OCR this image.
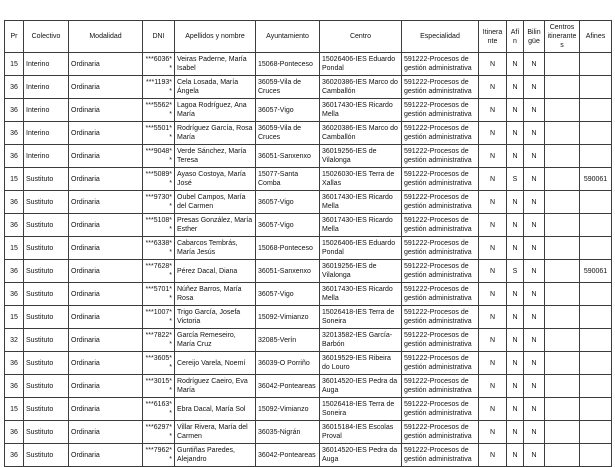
Pr	Colectivo	Modalidad	DNI	Apellidos y nombre	Ayuntamiento	Centro	Especialidad	Itinerante	Afín	Bilingüe	Centros itinerantes	Afines
15	Interino	Ordinaria	***6036**	Veiras Paderne, María Isabel	15068-Ponteceso	15026406-IES Eduardo Pondal	591222-Procesos de gestión administrativa	N	N	N		
36	Interino	Ordinaria	***1193**	Cela Losada, María Ángela	36059-Vila de Cruces	36020386-IES Marco do Camballón	591222-Procesos de gestión administrativa	N	N	N		
36	Interino	Ordinaria	***5562**	Lagoa Rodríguez, Ana María	36057-Vigo	36017430-IES Ricardo Mella	591222-Procesos de gestión administrativa	N	N	N		
36	Interino	Ordinaria	***5501**	Rodríguez García, Rosa María	36059-Vila de Cruces	36020386-IES Marco do Camballón	591222-Procesos de gestión administrativa	N	N	N		
36	Interino	Ordinaria	***9048**	Verde Sánchez, María Teresa	36051-Sanxenxo	36019256-IES de Vilalonga	591222-Procesos de gestión administrativa	N	N	N		
15	Sustituto	Ordinaria	***5089**	Ayaso Costoya, María José	15077-Santa Comba	15026030-IES Terra de Xallas	591222-Procesos de gestión administrativa	N	S	N		590061
36	Sustituto	Ordinaria	***9730**	Oubel Campos, María del Carmen	36057-Vigo	36017430-IES Ricardo Mella	591222-Procesos de gestión administrativa	N	N	N		
36	Sustituto	Ordinaria	***5108**	Presas González, María Esther	36057-Vigo	36017430-IES Ricardo Mella	591222-Procesos de gestión administrativa	N	N	N		
15	Sustituto	Ordinaria	***6338**	Cabarcos Tembrás, María Jesús	15068-Ponteceso	15026406-IES Eduardo Pondal	591222-Procesos de gestión administrativa	N	N	N		
36	Sustituto	Ordinaria	***7628**	Pérez Dacal, Diana	36051-Sanxenxo	36019256-IES de Vilalonga	591222-Procesos de gestión administrativa	N	S	N		590061
36	Sustituto	Ordinaria	***5701**	Núñez Barros, María Rosa	36057-Vigo	36017430-IES Ricardo Mella	591222-Procesos de gestión administrativa	N	N	N		
15	Sustituto	Ordinaria	***1007**	Trigo García, Josefa Victoria	15092-Vimianzo	15026418-IES Terra de Soneira	591222-Procesos de gestión administrativa	N	N	N		
32	Sustituto	Ordinaria	***7822**	García Remeseiro, María Cruz	32085-Verín	32013582-IES García-Barbón	591222-Procesos de gestión administrativa	N	N	N		
36	Sustituto	Ordinaria	***3605**	Cereijo Varela, Noemí	36039-O Porriño	36019529-IES Ribeira do Louro	591222-Procesos de gestión administrativa	N	N	N		
36	Sustituto	Ordinaria	***3015**	Rodríguez Caeiro, Eva María	36042-Ponteareas	36014520-IES Pedra da Auga	591222-Procesos de gestión administrativa	N	N	N		
15	Sustituto	Ordinaria	***6163**	Ebra Dacal, María Sol	15092-Vimianzo	15026418-IES Terra de Soneira	591222-Procesos de gestión administrativa	N	N	N		
36	Sustituto	Ordinaria	***6297**	Villar Rivera, María del Carmen	36035-Nigrán	36015184-IES Escolas Proval	591222-Procesos de gestión administrativa	N	N	N		
36	Sustituto	Ordinaria	***7962**	Guntiñas Paredes, Alejandro	36042-Ponteareas	36014520-IES Pedra da Auga	591222-Procesos de gestión administrativa	N	N	N		
